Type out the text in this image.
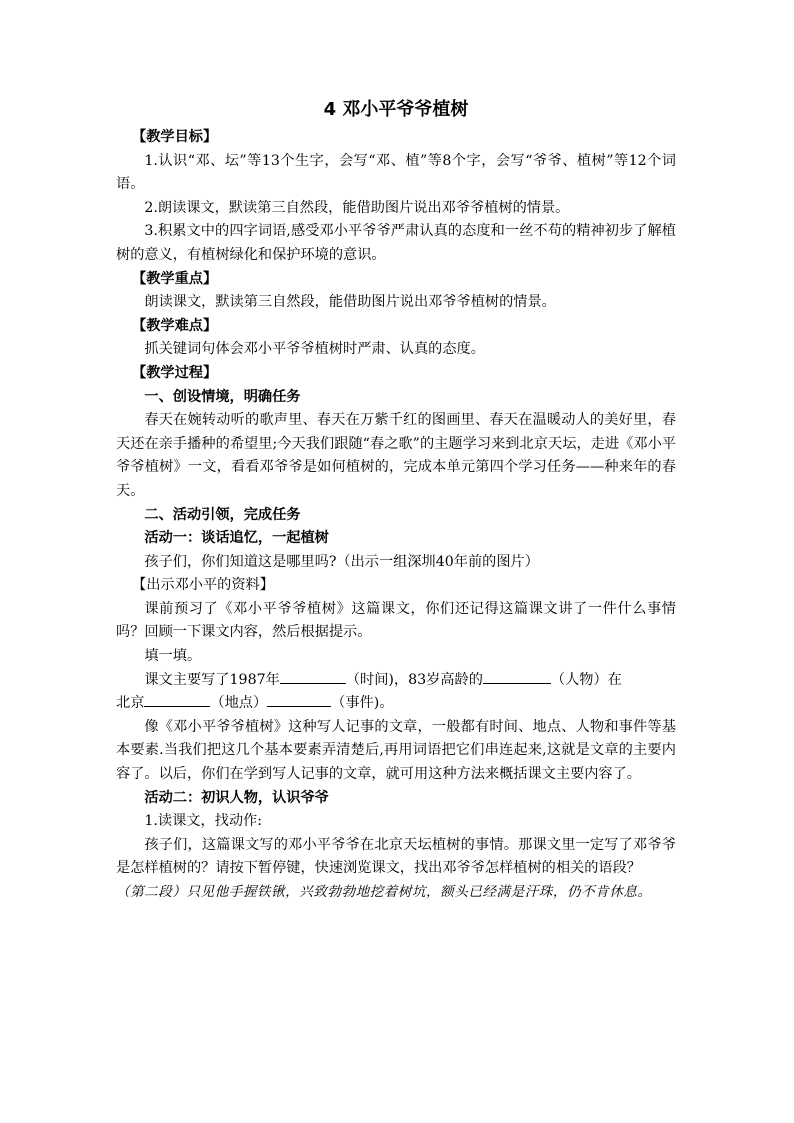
4 邓小平爷爷植树
【教学目标】

1.认识“邓、坛”等13个生字，会写“邓、植”等8个字，会写“爷爷、植树”等12个词语。

2.朗读课文，默读第三自然段，能借助图片说出邓爷爷植树的情景。

3.积累文中的四字词语,感受邓小平爷爷严肃认真的态度和一丝不苟的精神初步了解植树的意义，有植树绿化和保护环境的意识。

【教学重点】

朗读课文，默读第三自然段，能借助图片说出邓爷爷植树的情景。

【教学难点】

抓关键词句体会邓小平爷爷植树时严肃、认真的态度。

【教学过程】

一、创设情境，明确任务

春天在婉转动听的歌声里、春天在万紫千红的图画里、春天在温暖动人的美好里，春天还在亲手播种的希望里;今天我们跟随“春之歌”的主题学习来到北京天坛，走进《邓小平爷爷植树》一文，看看邓爷爷是如何植树的，完成本单元第四个学习任务——种来年的春天。

二、活动引领，完成任务

活动一：谈话追忆，一起植树

孩子们，你们知道这是哪里吗?（出示一组深圳40年前的图片）

【出示邓小平的资料】

课前预习了《邓小平爷爷植树》这篇课文，你们还记得这篇课文讲了一件什么事情吗？回顾一下课文内容，然后根据提示。

填一填。

课文主要写了1987年	（时间)，83岁高龄的	（人物）在

北京	（地点）	（事件)。

像《邓小平爷爷植树》这种写人记事的文章，一般都有时间、地点、人物和事件等基本要素.当我们把这几个基本要素弄清楚后,再用词语把它们串连起来,这就是文章的主要内容了。以后，你们在学到写人记事的文章，就可用这种方法来概括课文主要内容了。

活动二：初识人物，认识爷爷

1.读课文，找动作:

孩子们，这篇课文写的邓小平爷爷在北京天坛植树的事情。那课文里一定写了邓爷爷是怎样植树的？请按下暂停键，快速浏览课文，找出邓爷爷怎样植树的相关的语段？

（第二段）只见他手握铁锹，兴致勃勃地挖着树坑，额头已经满是汗珠，仍不肯休息。
